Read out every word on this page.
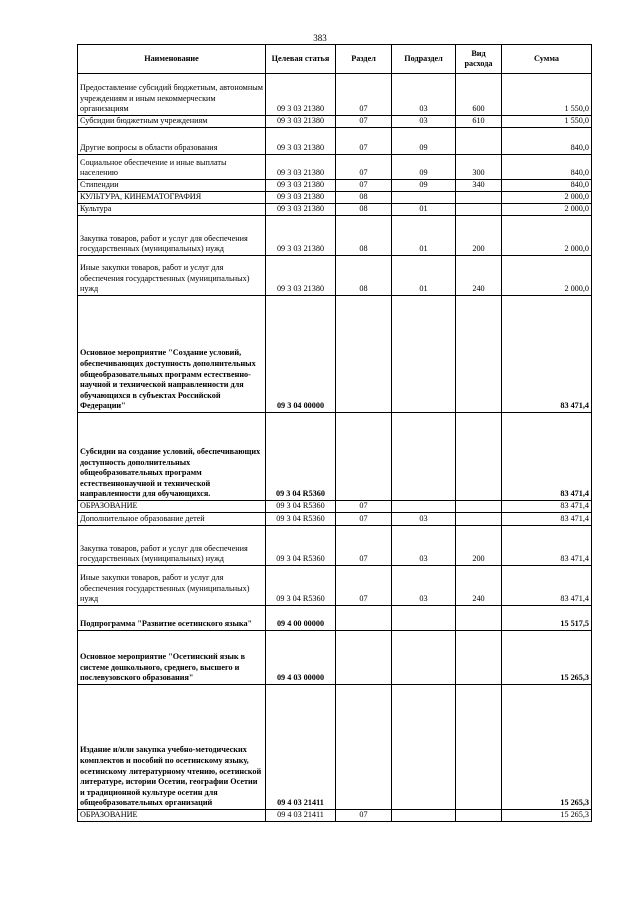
383
Наименование	Целевая статья	Раздел	Подраздел	Вид расхода	Сумма
Предоставление субсидий бюджетным, автономным учреждениям и иным некоммерческим организациям	09 3 03 21380	07	03	600	1 550,0
Субсидии бюджетным учреждениям	09 3 03 21380	07	03	610	1 550,0
Другие вопросы в области образования	09 3 03 21380	07	09		840,0
Социальное обеспечение и иные выплаты населению	09 3 03 21380	07	09	300	840,0
Стипендии	09 3 03 21380	07	09	340	840,0
КУЛЬТУРА, КИНЕМАТОГРАФИЯ	09 3 03 21380	08			2 000,0
Культура	09 3 03 21380	08	01		2 000,0
Закупка товаров, работ и услуг для обеспечения государственных (муниципальных) нужд	09 3 03 21380	08	01	200	2 000,0
Иные закупки товаров, работ и услуг для обеспечения государственных (муниципальных) нужд	09 3 03 21380	08	01	240	2 000,0
Основное мероприятие "Создание условий, обеспечивающих доступность дополнительных общеобразовательных программ естественно-научной и технической направленности для обучающихся в субъектах Российской Федерации"	09 3 04 00000				83 471,4
Субсидии на создание условий, обеспечивающих доступность дополнительных общеобразовательных программ естественнонаучной и технической направленности для обучающихся.	09 3 04 R5360				83 471,4
ОБРАЗОВАНИЕ	09 3 04 R5360	07			83 471,4
Дополнительное образование детей	09 3 04 R5360	07	03		83 471,4
Закупка товаров, работ и услуг для обеспечения государственных (муниципальных) нужд	09 3 04 R5360	07	03	200	83 471,4
Иные закупки товаров, работ и услуг для обеспечения государственных (муниципальных) нужд	09 3 04 R5360	07	03	240	83 471,4
Подпрограмма "Развитие осетинского языка"	09 4 00 00000				15 517,5
Основное мероприятие "Осетинский язык в системе дошкольного, среднего, высшего и послевузовского образования"	09 4 03 00000				15 265,3
Издание и/или закупка учебно-методических комплектов и пособий по осетинскому языку, осетинскому литературному чтению, осетинской литературе, истории Осетии, географии Осетии и традиционной культуре осетин для общеобразовательных организаций	09 4 03 21411				15 265,3
ОБРАЗОВАНИЕ	09 4 03 21411	07			15 265,3
